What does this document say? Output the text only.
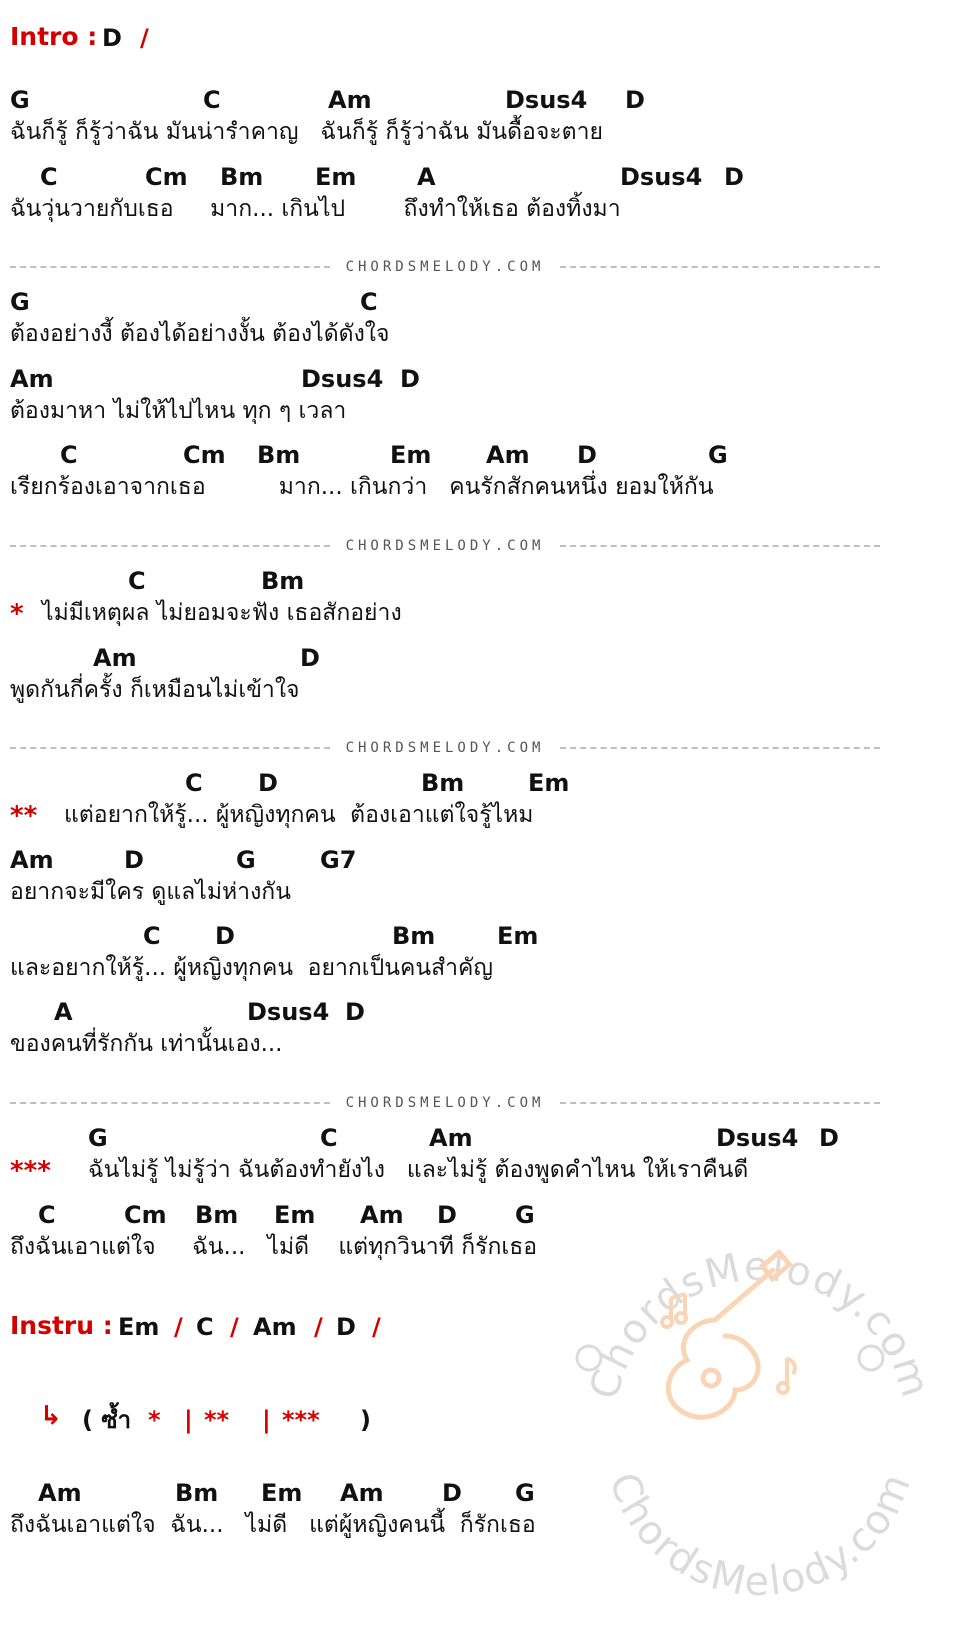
Intro : D /
G	C	Am	Dsus4 D
ฉันก็รู้ ก็รู้ว่าฉัน มันน่ารำคาญ   ฉันก็รู้ ก็รู้ว่าฉัน มันดื้อจะตาย
C	Cm Bm Em	A	Dsus4 D
ฉันวุ่นวายกับเธอ     มาก... เกินไป        ถึงทำให้เธอ ต้องทิ้งมา
CHORDSMELODY.COM
G	C
ต้องอย่างงี้ ต้องได้อย่างงั้น ต้องได้ดังใจ
Am	Dsus4 D
ต้องมาหา ไม่ให้ไปไหน ทุก ๆ เวลา
C	Cm Bm	Em Am D	G
เรียกร้องเอาจากเธอ          มาก... เกินกว่า   คนรักสักคนหนึ่ง ยอมให้กัน
CHORDSMELODY.COM
C	Bm
* ไม่มีเหตุผล ไม่ยอมจะฟัง เธอสักอย่าง
Am	D
พูดกันกี่ครั้ง ก็เหมือนไม่เข้าใจ
CHORDSMELODY.COM
C D	Bm	Em
** แต่อยากให้รู้... ผู้หญิงทุกคน  ต้องเอาแต่ใจรู้ไหม
Am	D	G	G7
อยากจะมีใคร ดูแลไม่ห่างกัน
C D	Bm	Em
และอยากให้รู้... ผู้หญิงทุกคน  อยากเป็นคนสำคัญ
A	Dsus4 D
ของคนที่รักกัน เท่านั้นเอง...
CHORDSMELODY.COM
G	C	Am	Dsus4 D
*** ฉันไม่รู้ ไม่รู้ว่า ฉันต้องทำยังไง   และไม่รู้ ต้องพูดคำไหน ให้เราคืนดี
C	Cm Bm Em Am D G
ถึงฉันเอาแต่ใจ     ฉัน...   ไม่ดี    แต่ทุกวินาที ก็รักเธอ
Instru : Em / C / Am / D /
↳ ( ซ้ำ * | ** | *** )
Am	Bm Em Am D G
ถึงฉันเอาแต่ใจ  ฉัน...   ไม่ดี   แต่ผู้หญิงคนนี้  ก็รักเธอ
ChordsMelody.com
ChordsMelody.com
